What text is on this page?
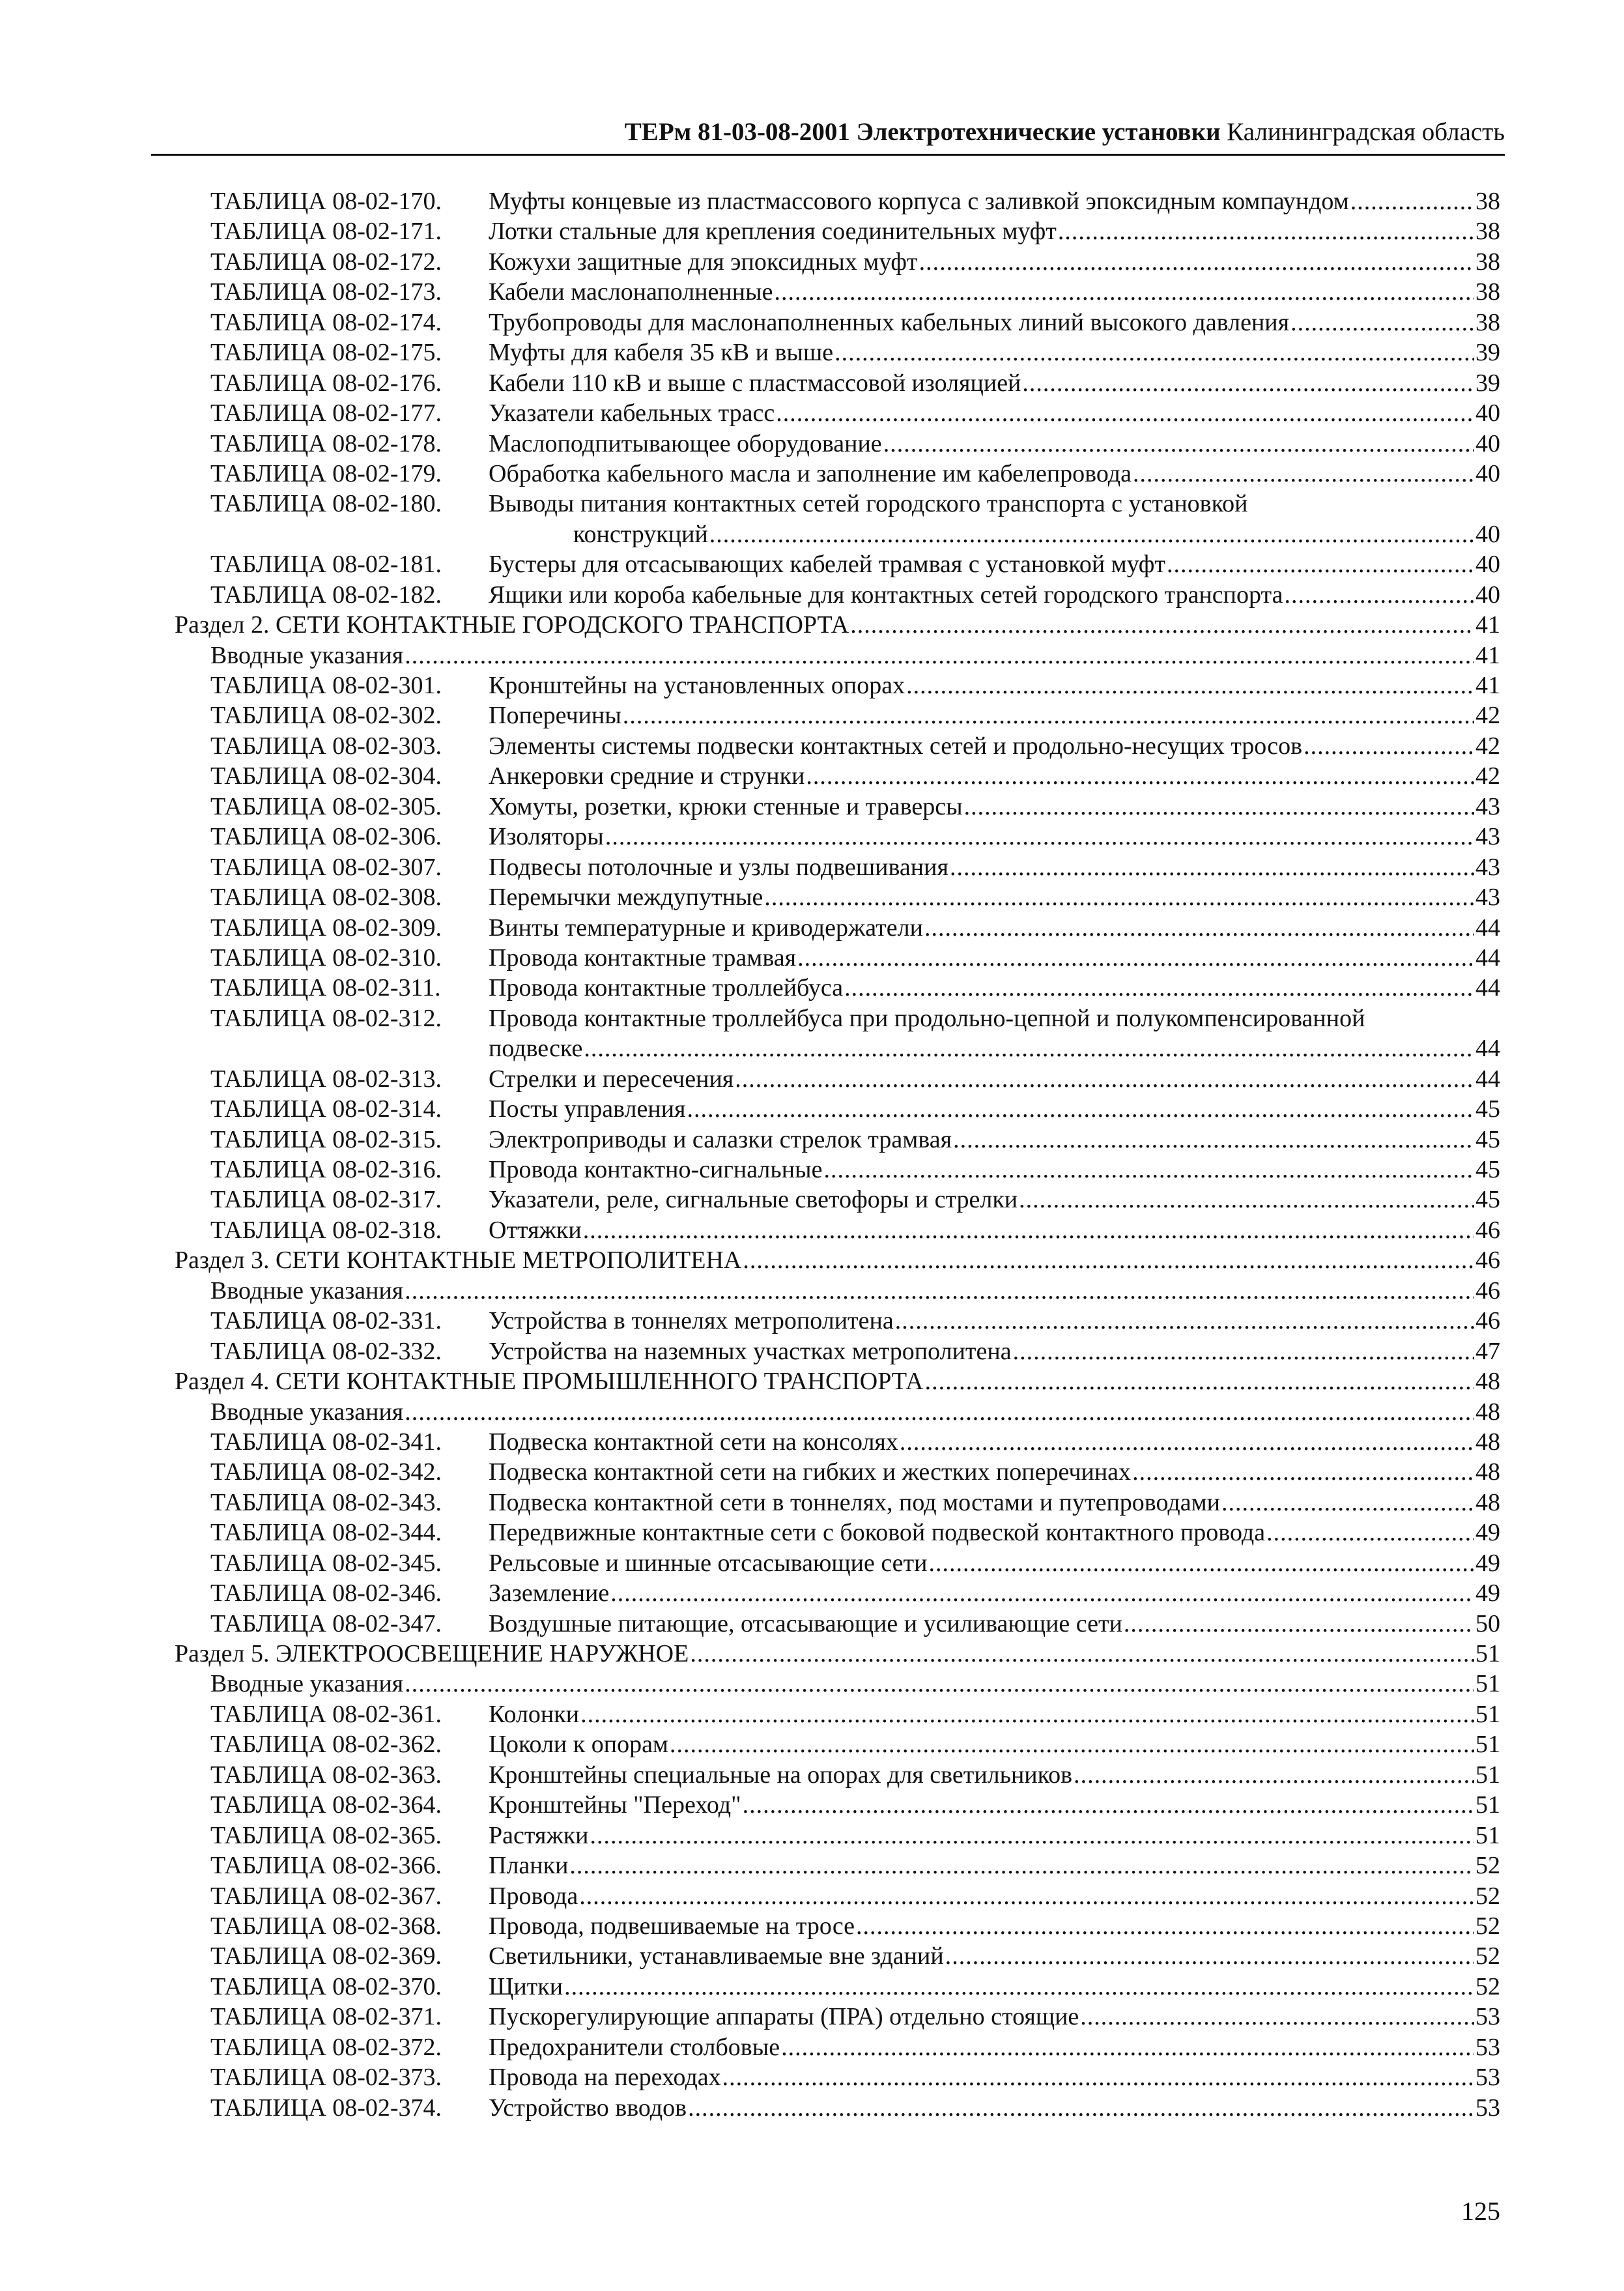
ТЕРм 81-03-08-2001 Электротехнические установки Калининградская область
ТАБЛИЦА 08-02-170. Муфты концевые из пластмассового корпуса с заливкой эпоксидным компаундом .....	38
ТАБЛИЦА 08-02-171. Лотки стальные для крепления соединительных муфт .....	38
ТАБЛИЦА 08-02-172. Кожухи защитные для эпоксидных муфт .....	38
ТАБЛИЦА 08-02-173. Кабели маслонаполненные .....	38
ТАБЛИЦА 08-02-174. Трубопроводы для маслонаполненных кабельных линий высокого давления .....	38
ТАБЛИЦА 08-02-175. Муфты для кабеля 35 кВ и выше .....	39
ТАБЛИЦА 08-02-176. Кабели 110 кВ и выше с пластмассовой изоляцией .....	39
ТАБЛИЦА 08-02-177. Указатели кабельных трасс .....	40
ТАБЛИЦА 08-02-178. Маслоподпитывающее оборудование .....	40
ТАБЛИЦА 08-02-179. Обработка кабельного масла и заполнение им кабелепровода .....	40
ТАБЛИЦА 08-02-180. Выводы питания контактных сетей городского транспорта с установкой
конструкций .....	40
ТАБЛИЦА 08-02-181. Бустеры для отсасывающих кабелей трамвая с установкой муфт .....	40
ТАБЛИЦА 08-02-182. Ящики или короба кабельные для контактных сетей городского транспорта .....	40
Раздел 2. СЕТИ КОНТАКТНЫЕ ГОРОДСКОГО ТРАНСПОРТА .....	41
Вводные указания .....	41
ТАБЛИЦА 08-02-301. Кронштейны на установленных опорах .....	41
ТАБЛИЦА 08-02-302. Поперечины .....	42
ТАБЛИЦА 08-02-303. Элементы системы подвески контактных сетей и продольно-несущих тросов .....	42
ТАБЛИЦА 08-02-304. Анкеровки средние и струнки .....	42
ТАБЛИЦА 08-02-305. Хомуты, розетки, крюки стенные и траверсы .....	43
ТАБЛИЦА 08-02-306. Изоляторы .....	43
ТАБЛИЦА 08-02-307. Подвесы потолочные и узлы подвешивания .....	43
ТАБЛИЦА 08-02-308. Перемычки междупутные .....	43
ТАБЛИЦА 08-02-309. Винты температурные и криводержатели .....	44
ТАБЛИЦА 08-02-310. Провода контактные трамвая .....	44
ТАБЛИЦА 08-02-311. Провода контактные троллейбуса .....	44
ТАБЛИЦА 08-02-312. Провода контактные троллейбуса при продольно-цепной и полукомпенсированной
подвеске .....	44
ТАБЛИЦА 08-02-313. Стрелки и пересечения .....	44
ТАБЛИЦА 08-02-314. Посты управления .....	45
ТАБЛИЦА 08-02-315. Электроприводы и салазки стрелок трамвая .....	45
ТАБЛИЦА 08-02-316. Провода контактно-сигнальные .....	45
ТАБЛИЦА 08-02-317. Указатели, реле, сигнальные светофоры и стрелки .....	45
ТАБЛИЦА 08-02-318. Оттяжки .....	46
Раздел 3. СЕТИ КОНТАКТНЫЕ МЕТРОПОЛИТЕНА .....	46
Вводные указания .....	46
ТАБЛИЦА 08-02-331. Устройства в тоннелях метрополитена .....	46
ТАБЛИЦА 08-02-332. Устройства на наземных участках метрополитена .....	47
Раздел 4. СЕТИ КОНТАКТНЫЕ ПРОМЫШЛЕННОГО ТРАНСПОРТА .....	48
Вводные указания .....	48
ТАБЛИЦА 08-02-341. Подвеска контактной сети на консолях .....	48
ТАБЛИЦА 08-02-342. Подвеска контактной сети на гибких и жестких поперечинах .....	48
ТАБЛИЦА 08-02-343. Подвеска контактной сети в тоннелях, под мостами и путепроводами .....	48
ТАБЛИЦА 08-02-344. Передвижные контактные сети с боковой подвеской контактного провода .....	49
ТАБЛИЦА 08-02-345. Рельсовые и шинные отсасывающие сети .....	49
ТАБЛИЦА 08-02-346. Заземление .....	49
ТАБЛИЦА 08-02-347. Воздушные питающие, отсасывающие и усиливающие сети .....	50
Раздел 5. ЭЛЕКТРООСВЕЩЕНИЕ НАРУЖНОЕ .....	51
Вводные указания .....	51
ТАБЛИЦА 08-02-361. Колонки .....	51
ТАБЛИЦА 08-02-362. Цоколи к опорам .....	51
ТАБЛИЦА 08-02-363. Кронштейны специальные на опорах для светильников .....	51
ТАБЛИЦА 08-02-364. Кронштейны "Переход" .....	51
ТАБЛИЦА 08-02-365. Растяжки .....	51
ТАБЛИЦА 08-02-366. Планки .....	52
ТАБЛИЦА 08-02-367. Провода .....	52
ТАБЛИЦА 08-02-368. Провода, подвешиваемые на тросе .....	52
ТАБЛИЦА 08-02-369. Светильники, устанавливаемые вне зданий .....	52
ТАБЛИЦА 08-02-370. Щитки .....	52
ТАБЛИЦА 08-02-371. Пускорегулирующие аппараты (ПРА) отдельно стоящие .....	53
ТАБЛИЦА 08-02-372. Предохранители столбовые .....	53
ТАБЛИЦА 08-02-373. Провода на переходах .....	53
ТАБЛИЦА 08-02-374. Устройство вводов .....	53
125
